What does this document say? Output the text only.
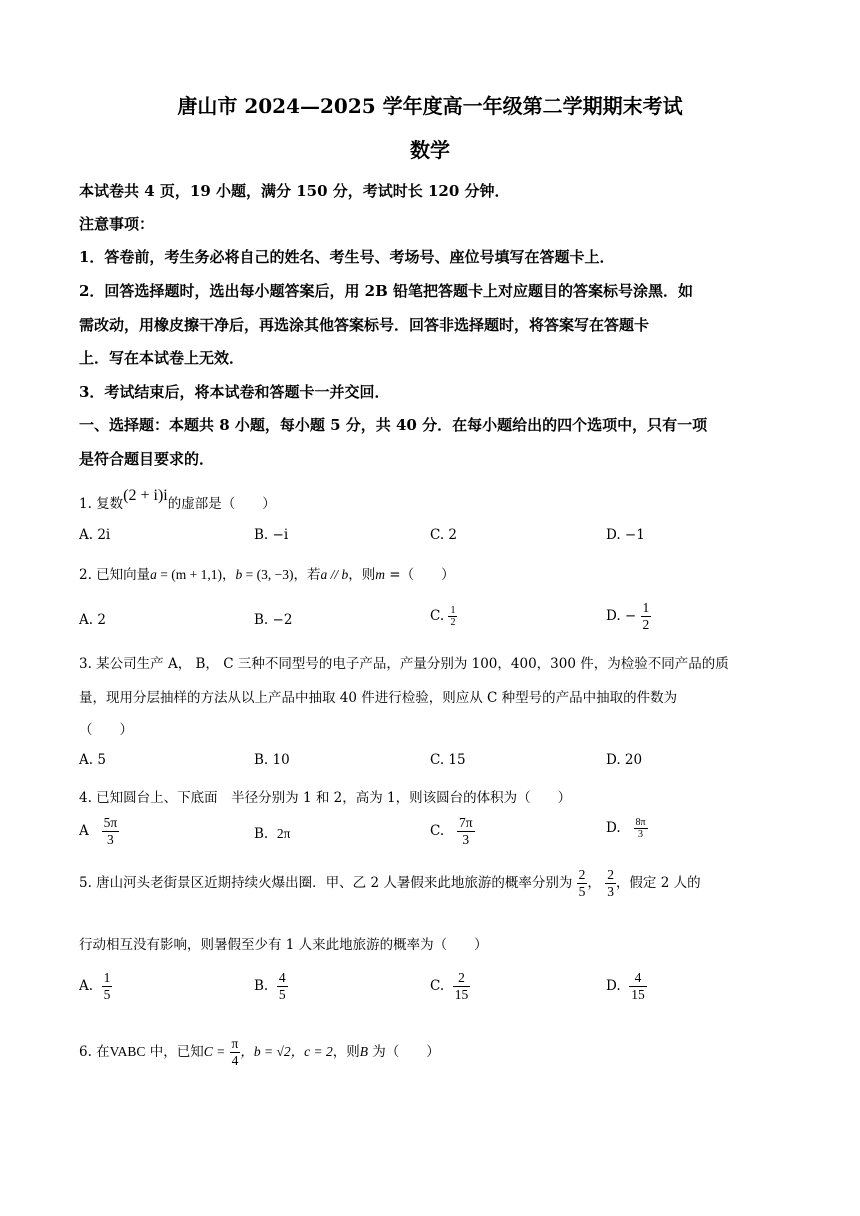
唐山市 2024—2025 学年度高一年级第二学期期末考试
数学
本试卷共 4 页，19 小题，满分 150 分，考试时长 120 分钟．
注意事项：
1．答卷前，考生务必将自己的姓名、考生号、考场号、座位号填写在答题卡上．
2．回答选择题时，选出每小题答案后，用 2B 铅笔把答题卡上对应题目的答案标号涂黑．如
需改动，用橡皮擦干净后，再选涂其他答案标号．回答非选择题时，将答案写在答题卡
上．写在本试卷上无效．
3．考试结束后，将本试卷和答题卡一并交回．
一、选择题：本题共 8 小题，每小题 5 分，共 40 分．在每小题给出的四个选项中，只有一项
是符合题目要求的．
1. 复数(2 + i)i的虚部是（　　）
A. 2i	B. −i	C. 2	D. −1
2. 已知向量a = (m + 1,1)，b = (3, −3)，若a // b，则m =（　　）
A. 2	B. −2	C. $\frac{1}{2}$	D. − $\frac{1}{2}$
3. 某公司生产 A， B， C 三种不同型号的电子产品，产量分别为 100，400，300 件，为检验不同产品的质
量，现用分层抽样的方法从以上产品中抽取 40 件进行检验，则应从 C 种型号的产品中抽取的件数为
（　　）
A. 5	B. 10	C. 15	D. 20
4. 已知圆台上、下底面　半径分别为 1 和 2，高为 1，则该圆台的体积为（　　）
A $\frac{5\pi}{3}$	B. 2π	C. $\frac{7\pi}{3}$	D. $\frac{8\pi}{3}$
5. 唐山河头老街景区近期持续火爆出圈．甲、乙 2 人暑假来此地旅游的概率分别为 $\frac{2}{5}$ ， $\frac{2}{3}$ ，假定 2 人的
行动相互没有影响，则暑假至少有 1 人来此地旅游的概率为（　　）
A. $\frac{1}{5}$	B. $\frac{4}{5}$	C. $\frac{2}{15}$	D. $\frac{4}{15}$
6. 在VABC 中，已知$C = \frac{\pi}{4}$ ，b = √2，c = 2，则B 为（　　）
